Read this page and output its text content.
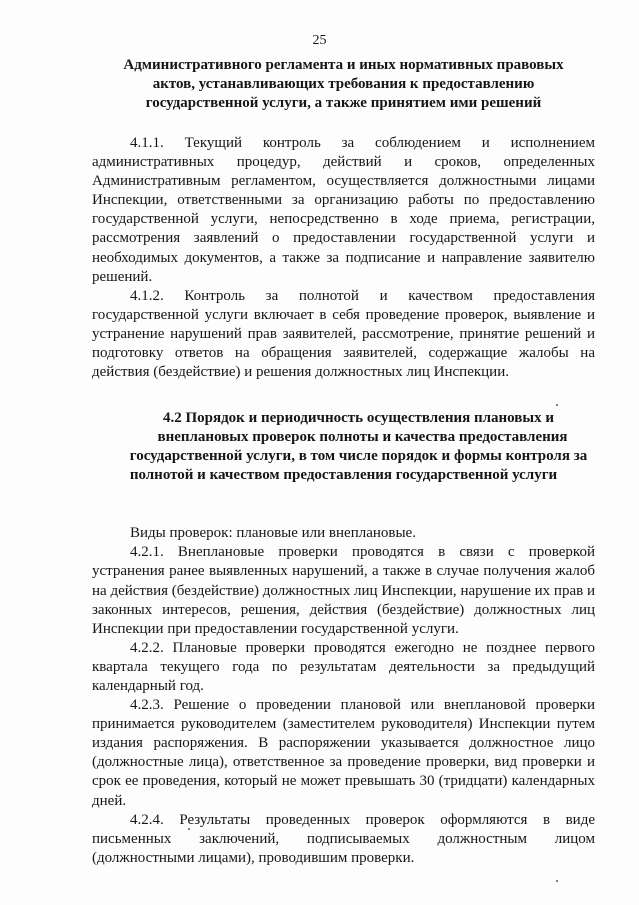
25
Административного регламента и иных нормативных правовых
актов, устанавливающих требования к предоставлению
государственной услуги, а также принятием ими решений

4.1.1. Текущий контроль за соблюдением и исполнением административных процедур, действий и сроков, определенных Административным регламентом, осуществляется должностными лицами Инспекции, ответственными за организацию работы по предоставлению государственной услуги, непосредственно в ходе приема, регистрации, рассмотрения заявлений о предоставлении государственной услуги и необходимых документов, а также за подписание и направление заявителю решений.

4.1.2. Контроль за полнотой и качеством предоставления государственной услуги включает в себя проведение проверок, выявление и устранение нарушений прав заявителей, рассмотрение, принятие решений и подготовку ответов на обращения заявителей, содержащие жалобы на действия (бездействие) и решения должностных лиц Инспекции.

4.2 Порядок и периодичность осуществления плановых и
внеплановых проверок полноты и качества предоставления
государственной услуги, в том числе порядок и формы контроля за
полнотой и качеством предоставления государственной услуги

Виды проверок: плановые или внеплановые.

4.2.1. Внеплановые проверки проводятся в связи с проверкой устранения ранее выявленных нарушений, а также в случае получения жалоб на действия (бездействие) должностных лиц Инспекции, нарушение их прав и законных интересов, решения, действия (бездействие) должностных лиц Инспекции при предоставлении государственной услуги.

4.2.2. Плановые проверки проводятся ежегодно не позднее первого квартала текущего года по результатам деятельности за предыдущий календарный год.

4.2.3. Решение о проведении плановой или внеплановой проверки принимается руководителем (заместителем руководителя) Инспекции путем издания распоряжения. В распоряжении указывается должностное лицо (должностные лица), ответственное за проведение проверки, вид проверки и срок ее проведения, который не может превышать 30 (тридцати) календарных дней.

4.2.4. Результаты проведенных проверок оформляются в виде письменных заключений, подписываемых должностным лицом (должностными лицами), проводившим проверки.
